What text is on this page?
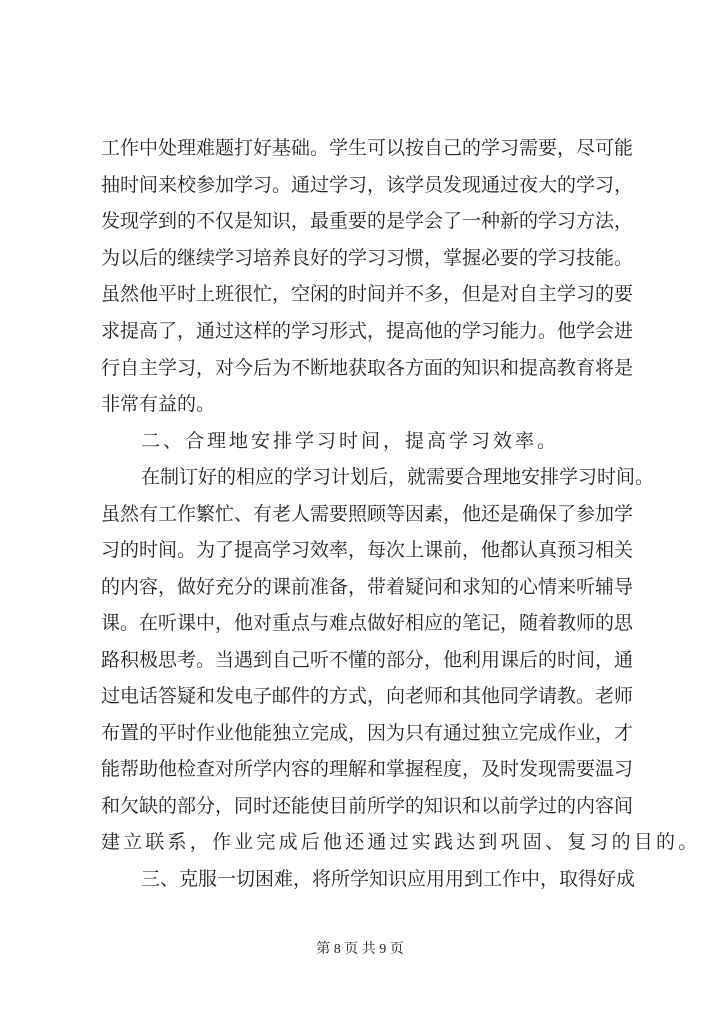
工作中处理难题打好基础。学生可以按自己的学习需要，尽可能
抽时间来校参加学习。通过学习，该学员发现通过夜大的学习，
发现学到的不仅是知识，最重要的是学会了一种新的学习方法，
为以后的继续学习培养良好的学习习惯，掌握必要的学习技能。
虽然他平时上班很忙，空闲的时间并不多，但是对自主学习的要
求提高了，通过这样的学习形式，提高他的学习能力。他学会进
行自主学习，对今后为不断地获取各方面的知识和提高教育将是
非常有益的。
二、合理地安排学习时间，提高学习效率。
在制订好的相应的学习计划后，就需要合理地安排学习时间。
虽然有工作繁忙、有老人需要照顾等因素，他还是确保了参加学
习的时间。为了提高学习效率，每次上课前，他都认真预习相关
的内容，做好充分的课前准备，带着疑问和求知的心情来听辅导
课。在听课中，他对重点与难点做好相应的笔记，随着教师的思
路积极思考。当遇到自己听不懂的部分，他利用课后的时间，通
过电话答疑和发电子邮件的方式，向老师和其他同学请教。老师
布置的平时作业他能独立完成，因为只有通过独立完成作业，才
能帮助他检查对所学内容的理解和掌握程度，及时发现需要温习
和欠缺的部分，同时还能使目前所学的知识和以前学过的内容间
建立联系，作业完成后他还通过实践达到巩固、复习的目的。
三、克服一切困难，将所学知识应用用到工作中，取得好成
第 8 页 共 9 页
